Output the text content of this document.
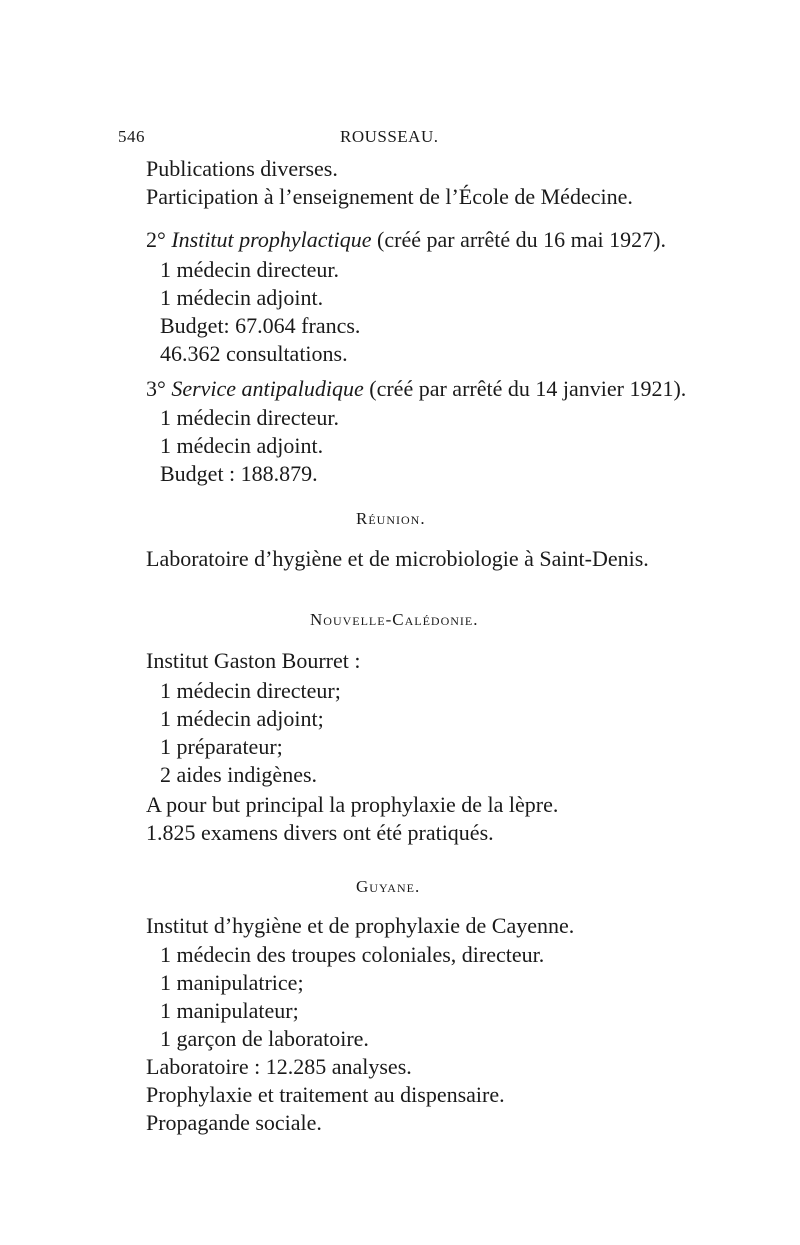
546	ROUSSEAU.
Publications diverses.
Participation à l’enseignement de l’École de Médecine.
2° Institut prophylactique (créé par arrêté du 16 mai 1927).
1 médecin directeur.
1 médecin adjoint.
Budget: 67.064 francs.
46.362 consultations.
3° Service antipaludique (créé par arrêté du 14 janvier 1921).
1 médecin directeur.
1 médecin adjoint.
Budget : 188.879.
Réunion.
Laboratoire d’hygiène et de microbiologie à Saint-Denis.
Nouvelle-Calédonie.
Institut Gaston Bourret :
1 médecin directeur;
1 médecin adjoint;
1 préparateur;
2 aides indigènes.
A pour but principal la prophylaxie de la lèpre.
1.825 examens divers ont été pratiqués.
Guyane.
Institut d’hygiène et de prophylaxie de Cayenne.
1 médecin des troupes coloniales, directeur.
1 manipulatrice;
1 manipulateur;
1 garçon de laboratoire.
Laboratoire : 12.285 analyses.
Prophylaxie et traitement au dispensaire.
Propagande sociale.
